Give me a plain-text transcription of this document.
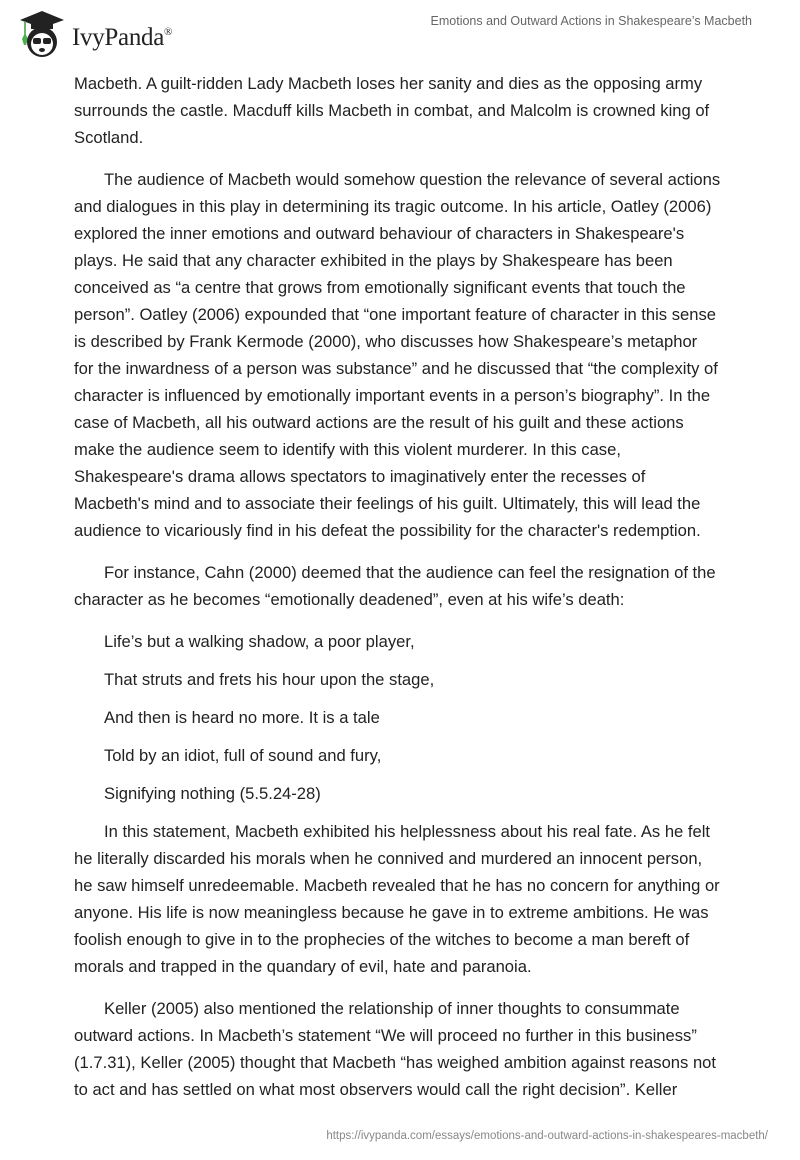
IvyPanda®
Emotions and Outward Actions in Shakespeare’s Macbeth

Macbeth. A guilt-ridden Lady Macbeth loses her sanity and dies as the opposing army
surrounds the castle. Macduff kills Macbeth in combat, and Malcolm is crowned king of
Scotland.

The audience of Macbeth would somehow question the relevance of several actions
and dialogues in this play in determining its tragic outcome. In his article, Oatley (2006)
explored the inner emotions and outward behaviour of characters in Shakespeare's
plays. He said that any character exhibited in the plays by Shakespeare has been
conceived as “a centre that grows from emotionally significant events that touch the
person”. Oatley (2006) expounded that “one important feature of character in this sense
is described by Frank Kermode (2000), who discusses how Shakespeare’s metaphor
for the inwardness of a person was substance” and he discussed that “the complexity of
character is influenced by emotionally important events in a person’s biography”. In the
case of Macbeth, all his outward actions are the result of his guilt and these actions
make the audience seem to identify with this violent murderer. In this case,
Shakespeare's drama allows spectators to imaginatively enter the recesses of
Macbeth's mind and to associate their feelings of his guilt. Ultimately, this will lead the
audience to vicariously find in his defeat the possibility for the character's redemption.

For instance, Cahn (2000) deemed that the audience can feel the resignation of the
character as he becomes “emotionally deadened”, even at his wife’s death:

Life’s but a walking shadow, a poor player,
That struts and frets his hour upon the stage,
And then is heard no more. It is a tale
Told by an idiot, full of sound and fury,
Signifying nothing (5.5.24-28)

In this statement, Macbeth exhibited his helplessness about his real fate. As he felt
he literally discarded his morals when he connived and murdered an innocent person,
he saw himself unredeemable. Macbeth revealed that he has no concern for anything or
anyone. His life is now meaningless because he gave in to extreme ambitions. He was
foolish enough to give in to the prophecies of the witches to become a man bereft of
morals and trapped in the quandary of evil, hate and paranoia.

Keller (2005) also mentioned the relationship of inner thoughts to consummate
outward actions. In Macbeth’s statement “We will proceed no further in this business”
(1.7.31), Keller (2005) thought that Macbeth “has weighed ambition against reasons not
to act and has settled on what most observers would call the right decision”. Keller

https://ivypanda.com/essays/emotions-and-outward-actions-in-shakespeares-macbeth/
